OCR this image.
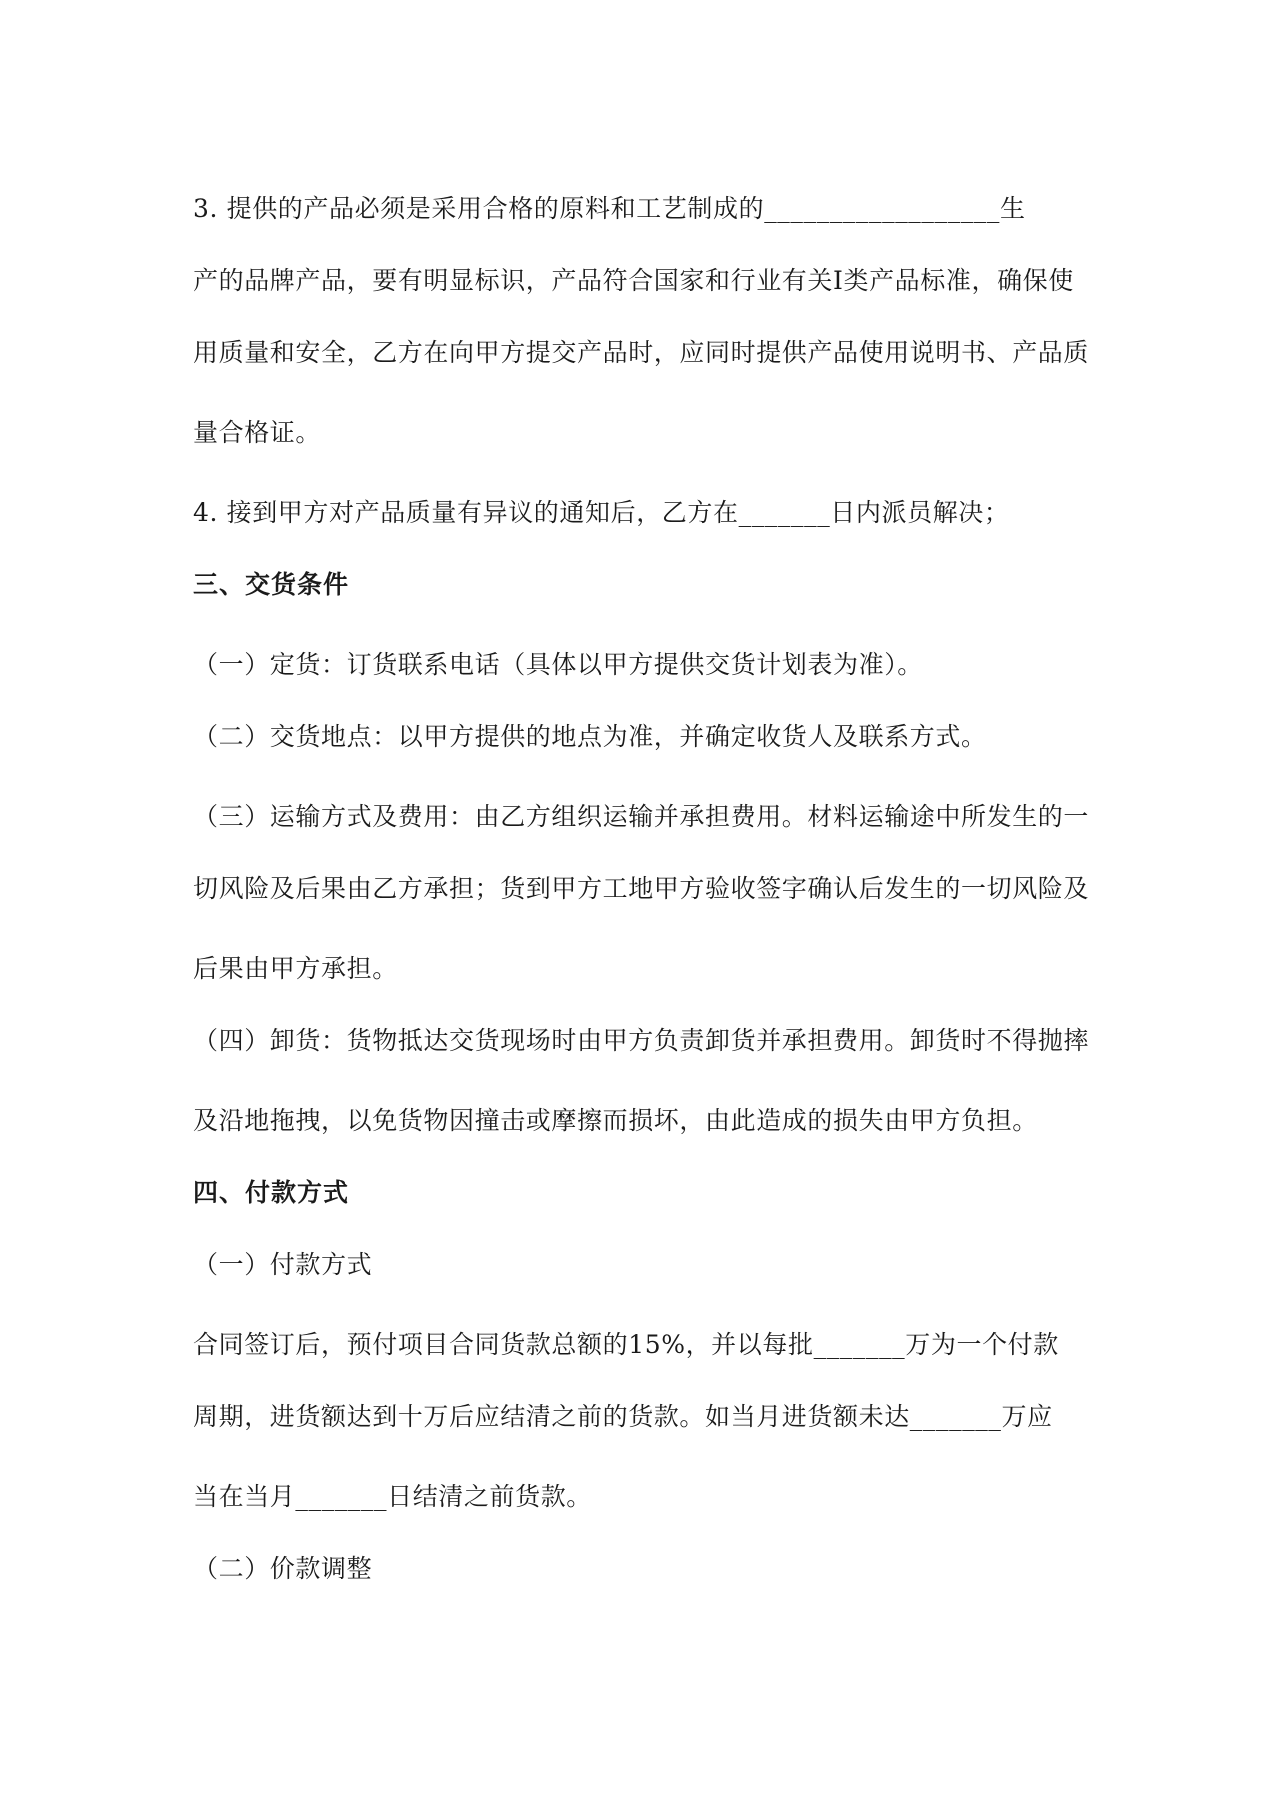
3. 提供的产品必须是采用合格的原料和工艺制成的__________________生
产的品牌产品，要有明显标识，产品符合国家和行业有关Ⅰ类产品标准，确保使
用质量和安全，乙方在向甲方提交产品时，应同时提供产品使用说明书、产品质
量合格证。
4. 接到甲方对产品质量有异议的通知后，乙方在_______日内派员解决；
三、交货条件
（一）定货：订货联系电话（具体以甲方提供交货计划表为准）。
（二）交货地点：以甲方提供的地点为准，并确定收货人及联系方式。
（三）运输方式及费用：由乙方组织运输并承担费用。材料运输途中所发生的一
切风险及后果由乙方承担；货到甲方工地甲方验收签字确认后发生的一切风险及
后果由甲方承担。
（四）卸货：货物抵达交货现场时由甲方负责卸货并承担费用。卸货时不得抛摔
及沿地拖拽，以免货物因撞击或摩擦而损坏，由此造成的损失由甲方负担。
四、付款方式
（一）付款方式
合同签订后，预付项目合同货款总额的15%，并以每批_______万为一个付款
周期，进货额达到十万后应结清之前的货款。如当月进货额未达_______万应
当在当月_______日结清之前货款。
（二）价款调整
